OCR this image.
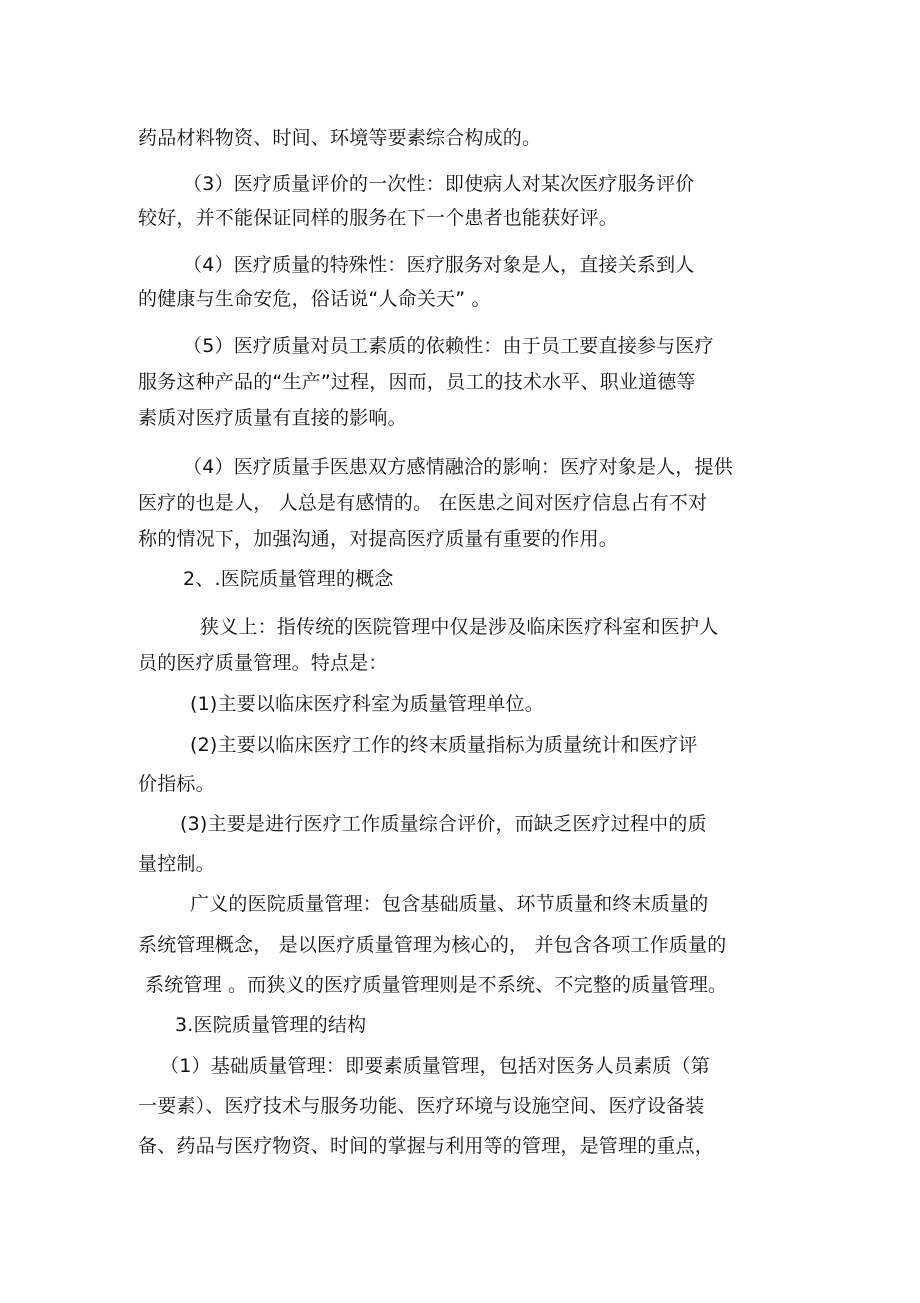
药品材料物资、时间、环境等要素综合构成的。
（3）医疗质量评价的一次性：即使病人对某次医疗服务评价
较好，并不能保证同样的服务在下一个患者也能获好评。
（4）医疗质量的特殊性：医疗服务对象是人，直接关系到人
的健康与生命安危，俗话说“人命关天” 。
（5）医疗质量对员工素质的依赖性：由于员工要直接参与医疗
服务这种产品的“生产”过程，因而，员工的技术水平、职业道德等
素质对医疗质量有直接的影响。
（4）医疗质量手医患双方感情融洽的影响：医疗对象是人，提供
医疗的也是人， 人总是有感情的。 在医患之间对医疗信息占有不对
称的情况下，加强沟通，对提高医疗质量有重要的作用。
2、.医院质量管理的概念
狭义上：指传统的医院管理中仅是涉及临床医疗科室和医护人
员的医疗质量管理。特点是：
(1)主要以临床医疗科室为质量管理单位。
(2)主要以临床医疗工作的终末质量指标为质量统计和医疗评
价指标。
(3)主要是进行医疗工作质量综合评价，而缺乏医疗过程中的质
量控制。
广义的医院质量管理：包含基础质量、环节质量和终末质量的
系统管理概念， 是以医疗质量管理为核心的， 并包含各项工作质量的
系统管理 。而狭义的医疗质量管理则是不系统、不完整的质量管理。
3.医院质量管理的结构
（1）基础质量管理：即要素质量管理，包括对医务人员素质（第
一要素）、医疗技术与服务功能、医疗环境与设施空间、医疗设备装
备、药品与医疗物资、时间的掌握与利用等的管理，是管理的重点，
